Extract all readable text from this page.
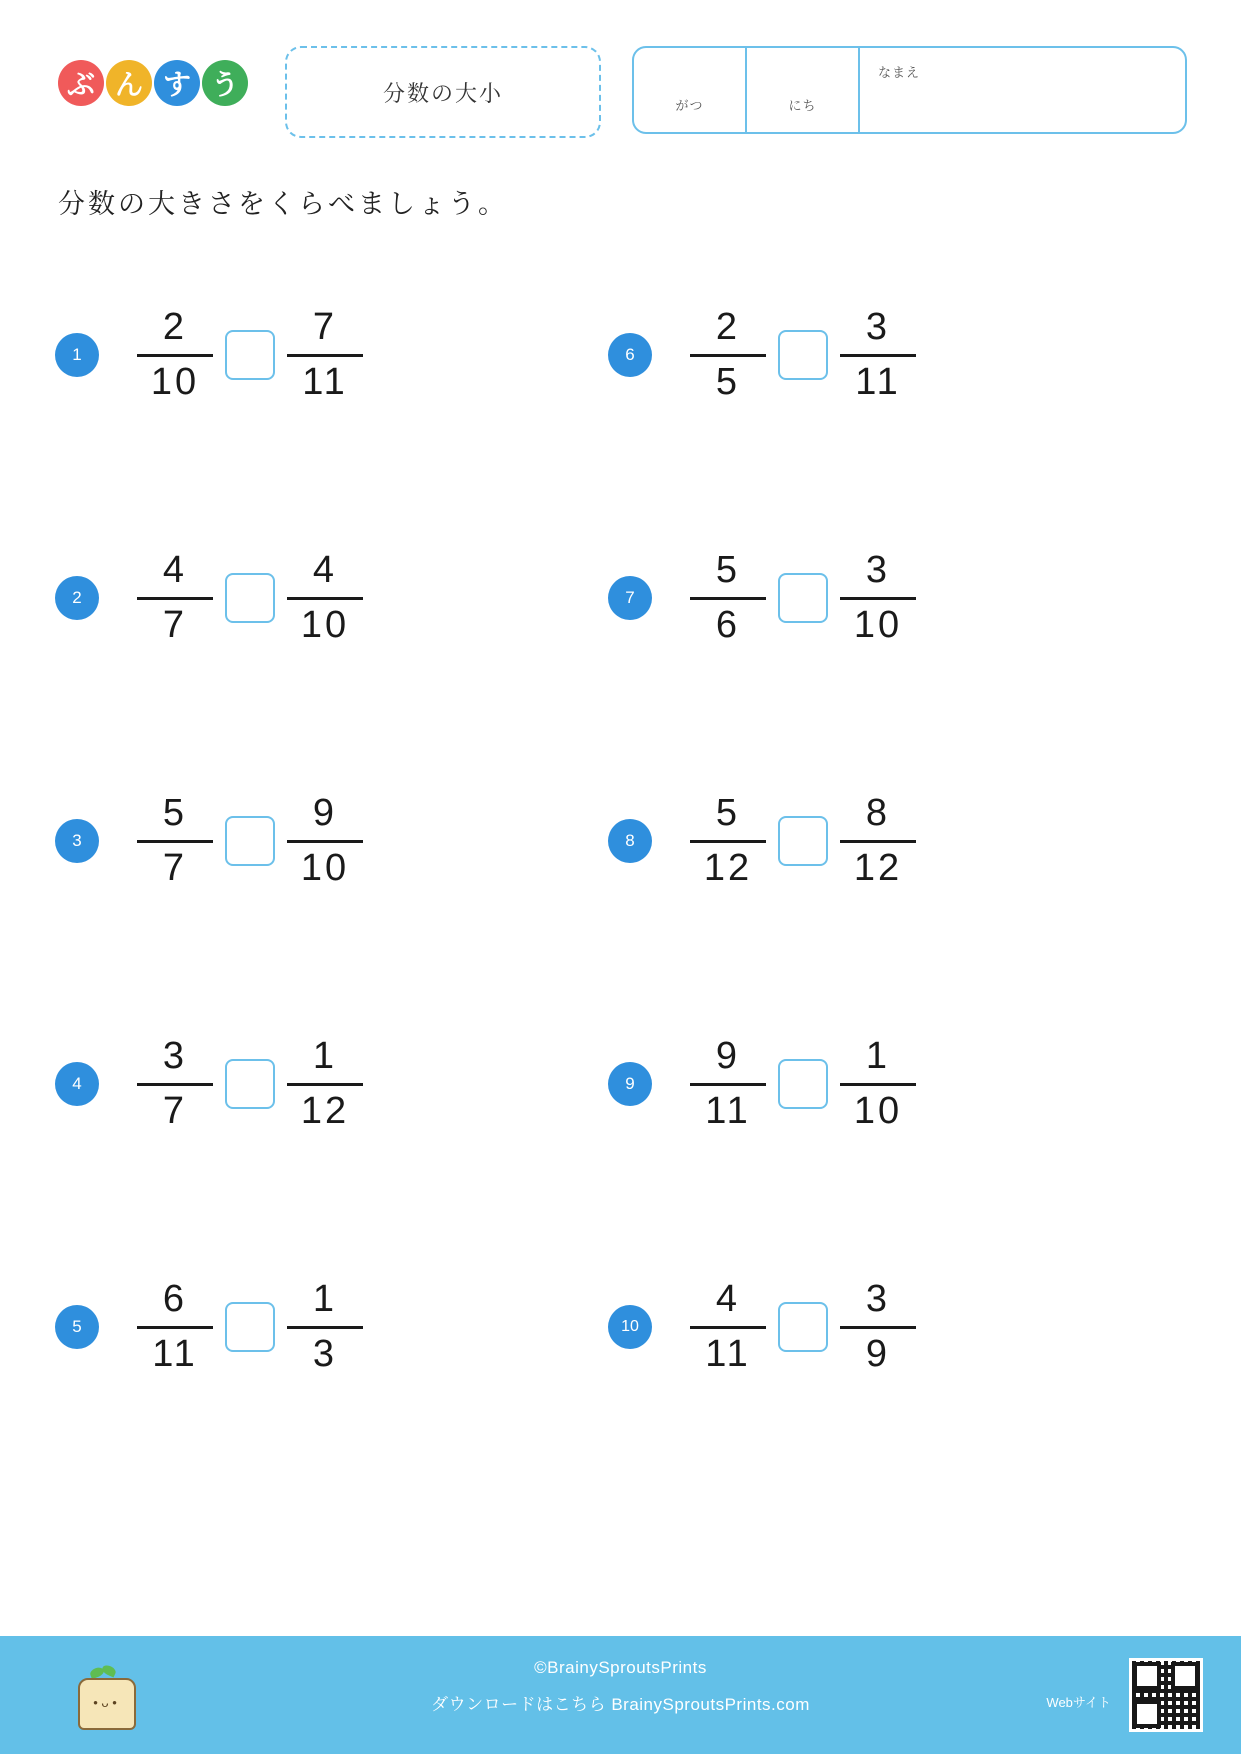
ぶ ん す う	分数の大小	がつ	にち
なまえ
分数の大きさをくらべましょう。
1	$\frac{2}{10} \frac{7}{11}$
2	$\frac{4}{7} \frac{4}{10}$
3	$\frac{5}{7} \frac{9}{10}$
4	$\frac{3}{7} \frac{1}{12}$
5	$\frac{6}{11} \frac{1}{3}$
6	$\frac{2}{5} \frac{3}{11}$
7	$\frac{5}{6} \frac{3}{10}$
8	$\frac{5}{12} \frac{8}{12}$
9	$\frac{9}{11} \frac{1}{10}$
10	$\frac{4}{11} \frac{3}{9}$
• ᴗ •
©BrainySproutsPrints
ダウンロードはこちら BrainySproutsPrints.com	Webサイト
